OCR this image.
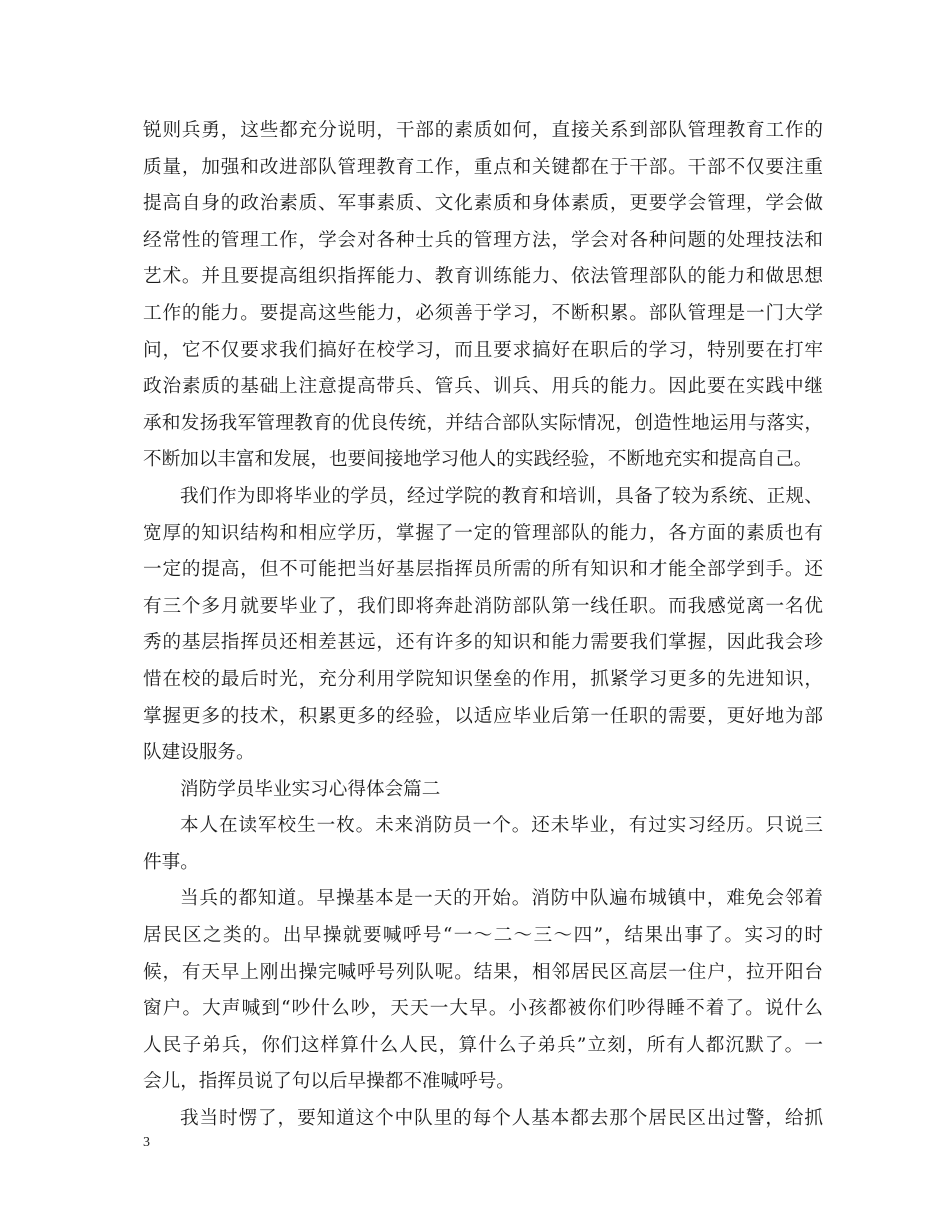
锐则兵勇，这些都充分说明，干部的素质如何，直接关系到部队管理教育工作的
质量，加强和改进部队管理教育工作，重点和关键都在于干部。干部不仅要注重
提高自身的政治素质、军事素质、文化素质和身体素质，更要学会管理，学会做
经常性的管理工作，学会对各种士兵的管理方法，学会对各种问题的处理技法和
艺术。并且要提高组织指挥能力、教育训练能力、依法管理部队的能力和做思想
工作的能力。要提高这些能力，必须善于学习，不断积累。部队管理是一门大学
问，它不仅要求我们搞好在校学习，而且要求搞好在职后的学习，特别要在打牢
政治素质的基础上注意提高带兵、管兵、训兵、用兵的能力。因此要在实践中继
承和发扬我军管理教育的优良传统，并结合部队实际情况，创造性地运用与落实，
不断加以丰富和发展，也要间接地学习他人的实践经验，不断地充实和提高自己。
我们作为即将毕业的学员，经过学院的教育和培训，具备了较为系统、正规、
宽厚的知识结构和相应学历，掌握了一定的管理部队的能力，各方面的素质也有
一定的提高，但不可能把当好基层指挥员所需的所有知识和才能全部学到手。还
有三个多月就要毕业了，我们即将奔赴消防部队第一线任职。而我感觉离一名优
秀的基层指挥员还相差甚远，还有许多的知识和能力需要我们掌握，因此我会珍
惜在校的最后时光，充分利用学院知识堡垒的作用，抓紧学习更多的先进知识，
掌握更多的技术，积累更多的经验，以适应毕业后第一任职的需要，更好地为部
队建设服务。
消防学员毕业实习心得体会篇二
本人在读军校生一枚。未来消防员一个。还未毕业，有过实习经历。只说三
件事。
当兵的都知道。早操基本是一天的开始。消防中队遍布城镇中，难免会邻着
居民区之类的。出早操就要喊呼号“一～二～三～四”，结果出事了。实习的时
候，有天早上刚出操完喊呼号列队呢。结果，相邻居民区高层一住户，拉开阳台
窗户。大声喊到“吵什么吵，天天一大早。小孩都被你们吵得睡不着了。说什么
人民子弟兵，你们这样算什么人民，算什么子弟兵”立刻，所有人都沉默了。一
会儿，指挥员说了句以后早操都不准喊呼号。
我当时愣了，要知道这个中队里的每个人基本都去那个居民区出过警，给抓
3
